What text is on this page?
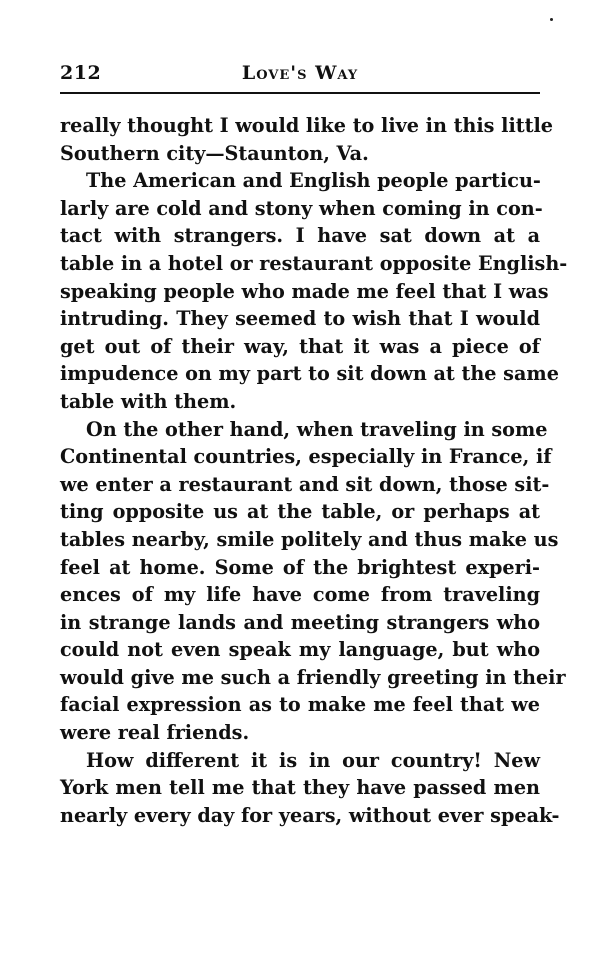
212	Love's Way
really thought I would like to live in this little
Southern city—Staunton, Va.
The American and English people particu-
larly are cold and stony when coming in con-
tact with strangers. I have sat down at a
table in a hotel or restaurant opposite English-
speaking people who made me feel that I was
intruding. They seemed to wish that I would
get out of their way, that it was a piece of
impudence on my part to sit down at the same
table with them.
On the other hand, when traveling in some
Continental countries, especially in France, if
we enter a restaurant and sit down, those sit-
ting opposite us at the table, or perhaps at
tables nearby, smile politely and thus make us
feel at home. Some of the brightest experi-
ences of my life have come from traveling
in strange lands and meeting strangers who
could not even speak my language, but who
would give me such a friendly greeting in their
facial expression as to make me feel that we
were real friends.
How different it is in our country! New
York men tell me that they have passed men
nearly every day for years, without ever speak-
